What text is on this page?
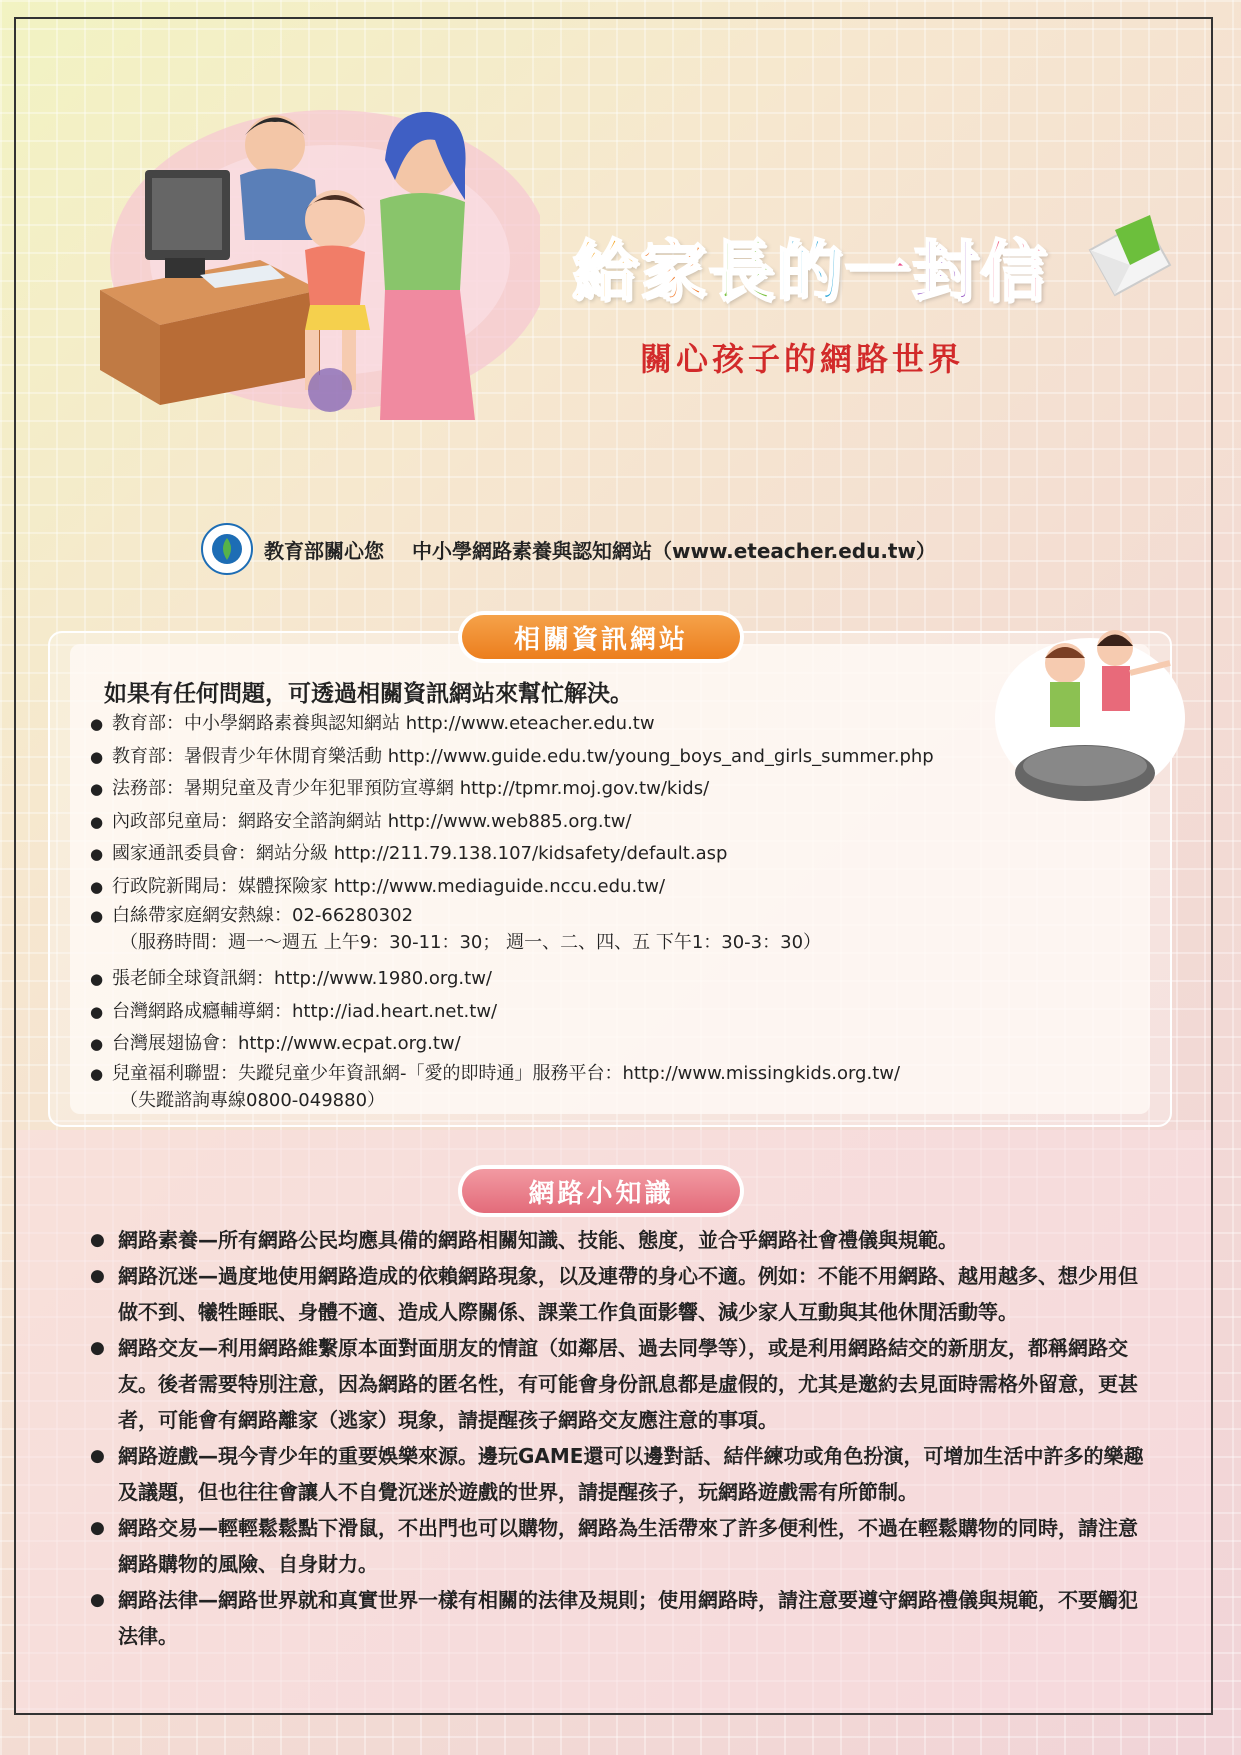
給家長的一封信
關心孩子的網路世界
教育部關心您 中小學網路素養與認知網站（www.eteacher.edu.tw）
相關資訊網站
如果有任何問題，可透過相關資訊網站來幫忙解決。
● 教育部：中小學網路素養與認知網站 http://www.eteacher.edu.tw
● 教育部：暑假青少年休閒育樂活動 http://www.guide.edu.tw/young_boys_and_girls_summer.php
● 法務部：暑期兒童及青少年犯罪預防宣導網 http://tpmr.moj.gov.tw/kids/
● 內政部兒童局：網路安全諮詢網站 http://www.web885.org.tw/
● 國家通訊委員會：網站分級 http://211.79.138.107/kidsafety/default.asp
● 行政院新聞局：媒體探險家 http://www.mediaguide.nccu.edu.tw/
● 白絲帶家庭網安熱線：02-66280302
（服務時間：週一～週五 上午9：30-11：30； 週一、二、四、五 下午1：30-3：30）
● 張老師全球資訊網：http://www.1980.org.tw/
● 台灣網路成癮輔導網：http://iad.heart.net.tw/
● 台灣展翅協會：http://www.ecpat.org.tw/
● 兒童福利聯盟：失蹤兒童少年資訊網-「愛的即時通」服務平台：http://www.missingkids.org.tw/
（失蹤諮詢專線0800-049880）
網路小知識
● 網路素養—所有網路公民均應具備的網路相關知識、技能、態度，並合乎網路社會禮儀與規範。
● 網路沉迷—過度地使用網路造成的依賴網路現象，以及連帶的身心不適。例如：不能不用網路、越用越多、想少用但做不到、犧牲睡眠、身體不適、造成人際關係、課業工作負面影響、減少家人互動與其他休閒活動等。
● 網路交友—利用網路維繫原本面對面朋友的情誼（如鄰居、過去同學等），或是利用網路結交的新朋友，都稱網路交友。後者需要特別注意，因為網路的匿名性，有可能會身份訊息都是虛假的，尤其是邀約去見面時需格外留意，更甚者，可能會有網路離家（逃家）現象，請提醒孩子網路交友應注意的事項。
● 網路遊戲—現今青少年的重要娛樂來源。邊玩GAME還可以邊對話、結伴練功或角色扮演，可增加生活中許多的樂趣及議題，但也往往會讓人不自覺沉迷於遊戲的世界，請提醒孩子，玩網路遊戲需有所節制。
● 網路交易—輕輕鬆鬆點下滑鼠，不出門也可以購物，網路為生活帶來了許多便利性，不過在輕鬆購物的同時，請注意網路購物的風險、自身財力。
● 網路法律—網路世界就和真實世界一樣有相關的法律及規則；使用網路時，請注意要遵守網路禮儀與規範，不要觸犯法律。
